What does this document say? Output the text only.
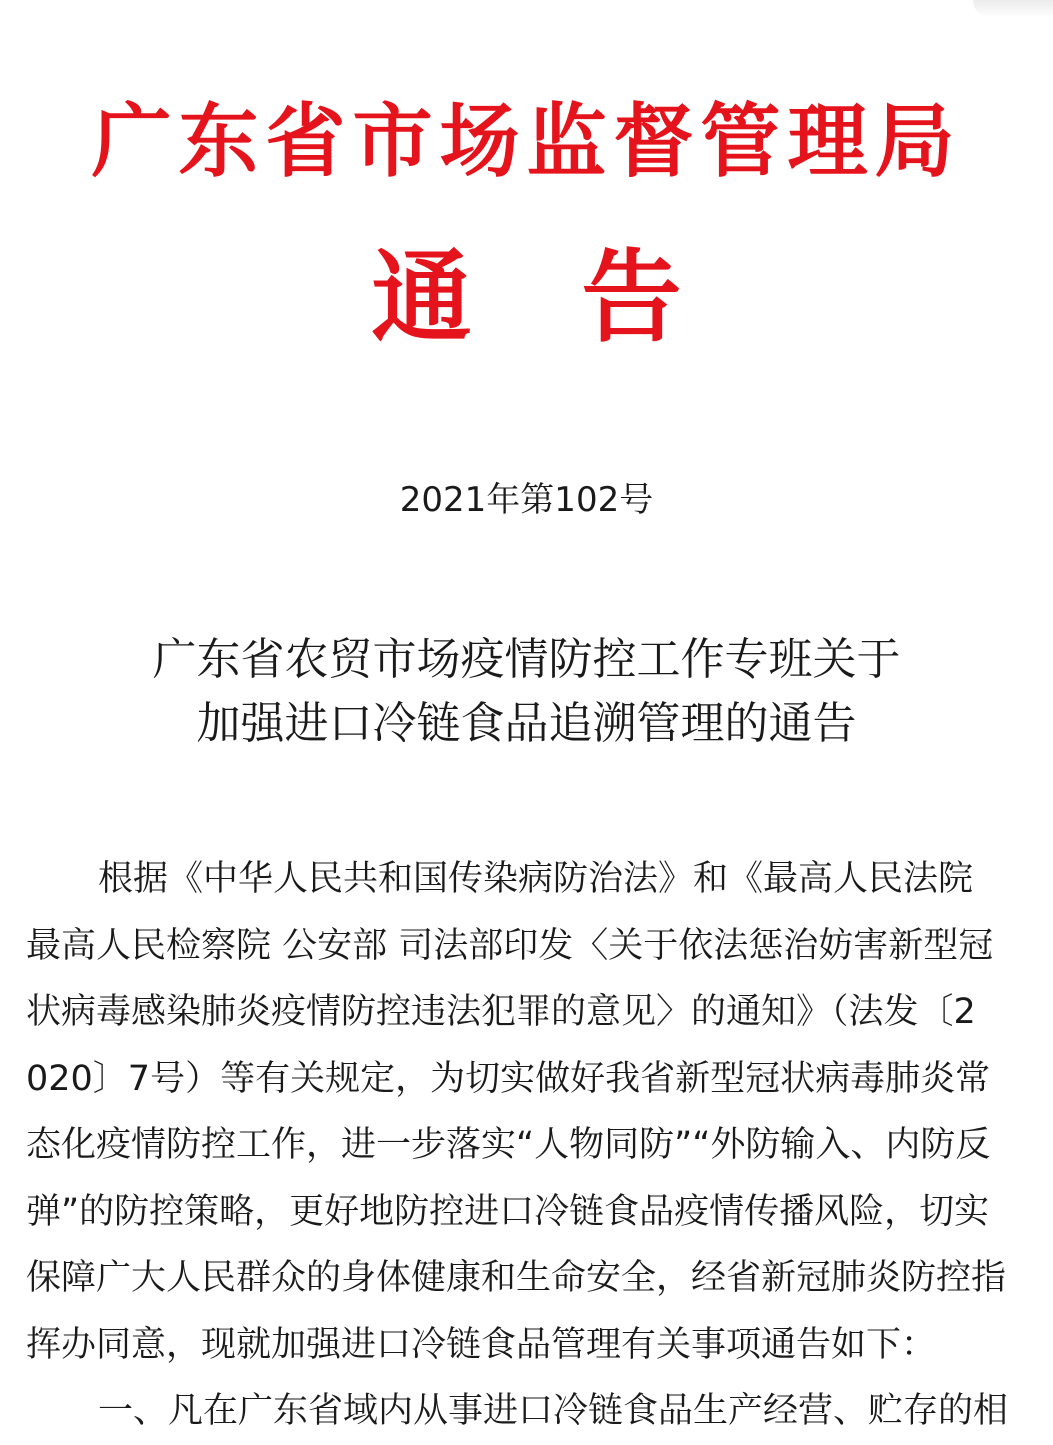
广东省市场监督管理局
通 告
2021年第102号
广东省农贸市场疫情防控工作专班关于
加强进口冷链食品追溯管理的通告
根据《中华人民共和国传染病防治法》和《最高人民法院
最高人民检察院 公安部 司法部印发〈关于依法惩治妨害新型冠
状病毒感染肺炎疫情防控违法犯罪的意见〉的通知》（法发〔2
020〕7号）等有关规定，为切实做好我省新型冠状病毒肺炎常
态化疫情防控工作，进一步落实“人物同防”“外防输入、内防反
弹”的防控策略，更好地防控进口冷链食品疫情传播风险，切实
保障广大人民群众的身体健康和生命安全，经省新冠肺炎防控指
挥办同意，现就加强进口冷链食品管理有关事项通告如下：
一、凡在广东省域内从事进口冷链食品生产经营、贮存的相
